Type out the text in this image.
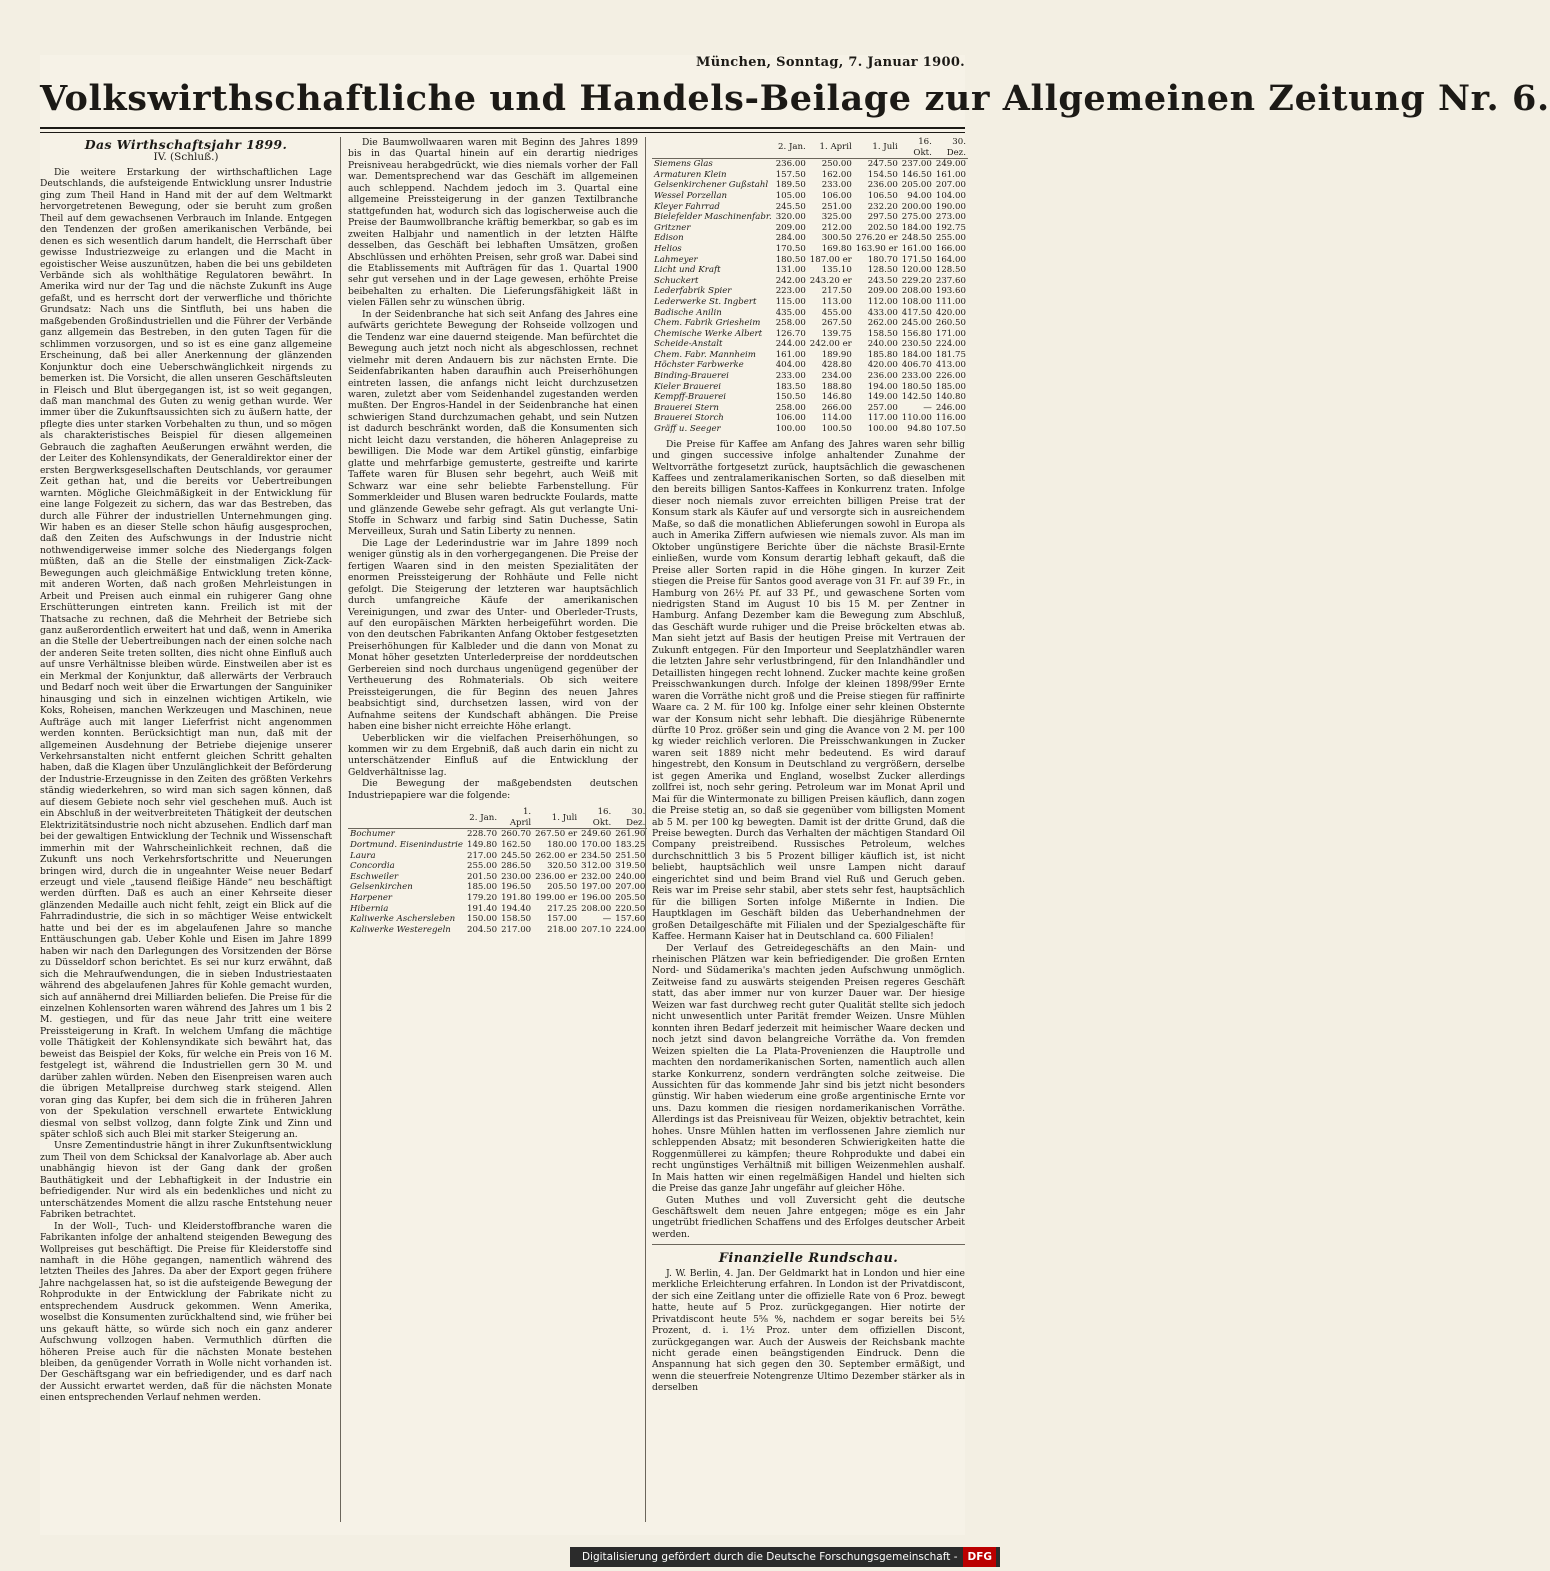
München, Sonntag, 7. Januar 1900.
Volkswirthschaftliche und Handels-Beilage zur Allgemeinen Zeitung Nr. 6.
Das Wirthschaftsjahr 1899.
IV. (Schluß.)

Die weitere Erstarkung der wirthschaftlichen Lage Deutschlands, die aufsteigende Entwicklung unsrer Industrie ging zum Theil Hand in Hand mit der auf dem Weltmarkt hervorgetretenen Bewegung, oder sie beruht zum großen Theil auf dem gewachsenen Verbrauch im Inlande. Entgegen den Tendenzen der großen amerikanischen Verbände, bei denen es sich wesentlich darum handelt, die Herrschaft über gewisse Industriezweige zu erlangen und die Macht in egoistischer Weise auszunützen, haben die bei uns gebildeten Verbände sich als wohlthätige Regulatoren bewährt. In Amerika wird nur der Tag und die nächste Zukunft ins Auge gefaßt, und es herrscht dort der verwerfliche und thörichte Grundsatz: Nach uns die Sintfluth, bei uns haben die maßgebenden Großindustriellen und die Führer der Verbände ganz allgemein das Bestreben, in den guten Tagen für die schlimmen vorzusorgen, und so ist es eine ganz allgemeine Erscheinung, daß bei aller Anerkennung der glänzenden Konjunktur doch eine Ueberschwänglichkeit nirgends zu bemerken ist. Die Vorsicht, die allen unseren Geschäftsleuten in Fleisch und Blut übergegangen ist, ist so weit gegangen, daß man manchmal des Guten zu wenig gethan wurde. Wer immer über die Zukunftsaussichten sich zu äußern hatte, der pflegte dies unter starken Vorbehalten zu thun, und so mögen als charakteristisches Beispiel für diesen allgemeinen Gebrauch die zaghaften Aeußerungen erwähnt werden, die der Leiter des Kohlensyndikats, der Generaldirektor einer der ersten Bergwerksgesellschaften Deutschlands, vor geraumer Zeit gethan hat, und die bereits vor Uebertreibungen warnten. Mögliche Gleichmäßigkeit in der Entwicklung für eine lange Folgezeit zu sichern, das war das Bestreben, das durch alle Führer der industriellen Unternehmungen ging. Wir haben es an dieser Stelle schon häufig ausgesprochen, daß den Zeiten des Aufschwungs in der Industrie nicht nothwendigerweise immer solche des Niedergangs folgen müßten, daß an die Stelle der einstmaligen Zick-Zack-Bewegungen auch gleichmäßige Entwicklung treten könne, mit anderen Worten, daß nach großen Mehrleistungen in Arbeit und Preisen auch einmal ein ruhigerer Gang ohne Erschütterungen eintreten kann. Freilich ist mit der Thatsache zu rechnen, daß die Mehrheit der Betriebe sich ganz außerordentlich erweitert hat und daß, wenn in Amerika an die Stelle der Uebertreibungen nach der einen solche nach der anderen Seite treten sollten, dies nicht ohne Einfluß auch auf unsre Verhältnisse bleiben würde. Einstweilen aber ist es ein Merkmal der Konjunktur, daß allerwärts der Verbrauch und Bedarf noch weit über die Erwartungen der Sanguiniker hinausging und sich in einzelnen wichtigen Artikeln, wie Koks, Roheisen, manchen Werkzeugen und Maschinen, neue Aufträge auch mit langer Lieferfrist nicht angenommen werden konnten. Berücksichtigt man nun, daß mit der allgemeinen Ausdehnung der Betriebe diejenige unserer Verkehrsanstalten nicht entfernt gleichen Schritt gehalten haben, daß die Klagen über Unzulänglichkeit der Beförderung der Industrie-Erzeugnisse in den Zeiten des größten Verkehrs ständig wiederkehren, so wird man sich sagen können, daß auf diesem Gebiete noch sehr viel geschehen muß. Auch ist ein Abschluß in der weitverbreiteten Thätigkeit der deutschen Elektrizitätsindustrie noch nicht abzusehen. Endlich darf man bei der gewaltigen Entwicklung der Technik und Wissenschaft immerhin mit der Wahrscheinlichkeit rechnen, daß die Zukunft uns noch Verkehrsfortschritte und Neuerungen bringen wird, durch die in ungeahnter Weise neuer Bedarf erzeugt und viele „tausend fleißige Hände“ neu beschäftigt werden dürften. Daß es auch an einer Kehrseite dieser glänzenden Medaille auch nicht fehlt, zeigt ein Blick auf die Fahrradindustrie, die sich in so mächtiger Weise entwickelt hatte und bei der es im abgelaufenen Jahre so manche Enttäuschungen gab. Ueber Kohle und Eisen im Jahre 1899 haben wir nach den Darlegungen des Vorsitzenden der Börse zu Düsseldorf schon berichtet. Es sei nur kurz erwähnt, daß sich die Mehraufwendungen, die in sieben Industriestaaten während des abgelaufenen Jahres für Kohle gemacht wurden, sich auf annähernd drei Milliarden beliefen. Die Preise für die einzelnen Kohlensorten waren während des Jahres um 1 bis 2 M. gestiegen, und für das neue Jahr tritt eine weitere Preissteigerung in Kraft. In welchem Umfang die mächtige volle Thätigkeit der Kohlensyndikate sich bewährt hat, das beweist das Beispiel der Koks, für welche ein Preis von 16 M. festgelegt ist, während die Industriellen gern 30 M. und darüber zahlen würden. Neben den Eisenpreisen waren auch die übrigen Metallpreise durchweg stark steigend. Allen voran ging das Kupfer, bei dem sich die in früheren Jahren von der Spekulation verschnell erwartete Entwicklung diesmal von selbst vollzog, dann folgte Zink und Zinn und später schloß sich auch Blei mit starker Steigerung an.

Unsre Zementindustrie hängt in ihrer Zukunftsentwicklung zum Theil von dem Schicksal der Kanalvorlage ab. Aber auch unabhängig hievon ist der Gang dank der großen Bauthätigkeit und der Lebhaftigkeit in der Industrie ein befriedigender. Nur wird als ein bedenkliches und nicht zu unterschätzendes Moment die allzu rasche Entstehung neuer Fabriken betrachtet.

In der Woll-, Tuch- und Kleiderstoffbranche waren die Fabrikanten infolge der anhaltend steigenden Bewegung des Wollpreises gut beschäftigt. Die Preise für Kleiderstoffe sind namhaft in die Höhe gegangen, namentlich während des letzten Theiles des Jahres. Da aber der Export gegen frühere Jahre nachgelassen hat, so ist die aufsteigende Bewegung der Rohprodukte in der Entwicklung der Fabrikate nicht zu entsprechendem Ausdruck gekommen. Wenn Amerika, woselbst die Konsumenten zurückhaltend sind, wie früher bei uns gekauft hätte, so würde sich noch ein ganz anderer Aufschwung vollzogen haben. Vermuthlich dürften die höheren Preise auch für die nächsten Monate bestehen bleiben, da genügender Vorrath in Wolle nicht vorhanden ist. Der Geschäftsgang war ein befriedigender, und es darf nach der Aussicht erwartet werden, daß für die nächsten Monate einen entsprechenden Verlauf nehmen werden.

Die Baumwollwaaren waren mit Beginn des Jahres 1899 bis in das Quartal hinein auf ein derartig niedriges Preisniveau herabgedrückt, wie dies niemals vorher der Fall war. Dementsprechend war das Geschäft im allgemeinen auch schleppend. Nachdem jedoch im 3. Quartal eine allgemeine Preissteigerung in der ganzen Textilbranche stattgefunden hat, wodurch sich das logischerweise auch die Preise der Baumwollbranche kräftig bemerkbar, so gab es im zweiten Halbjahr und namentlich in der letzten Hälfte desselben, das Geschäft bei lebhaften Umsätzen, großen Abschlüssen und erhöhten Preisen, sehr groß war. Dabei sind die Etablissements mit Aufträgen für das 1. Quartal 1900 sehr gut versehen und in der Lage gewesen, erhöhte Preise beibehalten zu erhalten. Die Lieferungsfähigkeit läßt in vielen Fällen sehr zu wünschen übrig.

In der Seidenbranche hat sich seit Anfang des Jahres eine aufwärts gerichtete Bewegung der Rohseide vollzogen und die Tendenz war eine dauernd steigende. Man befürchtet die Bewegung auch jetzt noch nicht als abgeschlossen, rechnet vielmehr mit deren Andauern bis zur nächsten Ernte. Die Seidenfabrikanten haben daraufhin auch Preiserhöhungen eintreten lassen, die anfangs nicht leicht durchzusetzen waren, zuletzt aber vom Seidenhandel zugestanden werden mußten. Der Engros-Handel in der Seidenbranche hat einen schwierigen Stand durchzumachen gehabt, und sein Nutzen ist dadurch beschränkt worden, daß die Konsumenten sich nicht leicht dazu verstanden, die höheren Anlagepreise zu bewilligen. Die Mode war dem Artikel günstig, einfarbige glatte und mehrfarbige gemusterte, gestreifte und karirte Taffete waren für Blusen sehr begehrt, auch Weiß mit Schwarz war eine sehr beliebte Farbenstellung. Für Sommerkleider und Blusen waren bedruckte Foulards, matte und glänzende Gewebe sehr gefragt. Als gut verlangte Uni-Stoffe in Schwarz und farbig sind Satin Duchesse, Satin Merveilleux, Surah und Satin Liberty zu nennen.

Die Lage der Lederindustrie war im Jahre 1899 noch weniger günstig als in den vorhergegangenen. Die Preise der fertigen Waaren sind in den meisten Spezialitäten der enormen Preissteigerung der Rohhäute und Felle nicht gefolgt. Die Steigerung der letzteren war hauptsächlich durch umfangreiche Käufe der amerikanischen Vereinigungen, und zwar des Unter- und Oberleder-Trusts, auf den europäischen Märkten herbeigeführt worden. Die von den deutschen Fabrikanten Anfang Oktober festgesetzten Preiserhöhungen für Kalbleder und die dann von Monat zu Monat höher gesetzten Unterlederpreise der norddeutschen Gerbereien sind noch durchaus ungenügend gegenüber der Vertheuerung des Rohmaterials. Ob sich weitere Preissteigerungen, die für Beginn des neuen Jahres beabsichtigt sind, durchsetzen lassen, wird von der Aufnahme seitens der Kundschaft abhängen. Die Preise haben eine bisher nicht erreichte Höhe erlangt.

Ueberblicken wir die vielfachen Preiserhöhungen, so kommen wir zu dem Ergebniß, daß auch darin ein nicht zu unterschätzender Einfluß auf die Entwicklung der Geldverhältnisse lag.

Die Bewegung der maßgebendsten deutschen Industriepapiere war die folgende:

	2. Jan.	1. April	1. Juli	16. Okt.	30. Dez.
Bochumer	228.70	260.70	267.50 er	249.60	261.90
Dortmund. Eisenindustrie	149.80	162.50	180.00	170.00	183.25
Laura	217.00	245.50	262.00 er	234.50	251.50
Concordia	255.00	286.50	320.50	312.00	319.50
Eschweiler	201.50	230.00	236.00 er	232.00	240.00
Gelsenkirchen	185.00	196.50	205.50	197.00	207.00
Harpener	179.20	191.80	199.00 er	196.00	205.50
Hibernia	191.40	194.40	217.25	208.00	220.50
Kaliwerke Aschersleben	150.00	158.50	157.00	—	157.60
Kaliwerke Westeregeln	204.50	217.00	218.00	207.10	224.00
	2. Jan.	1. April	1. Juli	16. Okt.	30. Dez.
Siemens Glas	236.00	250.00	247.50	237.00	249.00
Armaturen Klein	157.50	162.00	154.50	146.50	161.00
Gelsenkirchener Gußstahl	189.50	233.00	236.00	205.00	207.00
Wessel Porzellan	105.00	106.00	106.50	94.00	104.00
Kleyer Fahrrad	245.50	251.00	232.20	200.00	190.00
Bielefelder Maschinenfabr.	320.00	325.00	297.50	275.00	273.00
Gritzner	209.00	212.00	202.50	184.00	192.75
Edison	284.00	300.50	276.20 er	248.50	255.00
Helios	170.50	169.80	163.90 er	161.00	166.00
Lahmeyer	180.50	187.00 er	180.70	171.50	164.00
Licht und Kraft	131.00	135.10	128.50	120.00	128.50
Schuckert	242.00	243.20 er	243.50	229.20	237.60
Lederfabrik Spier	223.00	217.50	209.00	208.00	193.60
Lederwerke St. Ingbert	115.00	113.00	112.00	108.00	111.00
Badische Anilin	435.00	455.00	433.00	417.50	420.00
Chem. Fabrik Griesheim	258.00	267.50	262.00	245.00	260.50
Chemische Werke Albert	126.70	139.75	158.50	156.80	171.00
Scheide-Anstalt	244.00	242.00 er	240.00	230.50	224.00
Chem. Fabr. Mannheim	161.00	189.90	185.80	184.00	181.75
Höchster Farbwerke	404.00	428.80	420.00	406.70	413.00
Binding-Brauerei	233.00	234.00	236.00	233.00	226.00
Kieler Brauerei	183.50	188.80	194.00	180.50	185.00
Kempff-Brauerei	150.50	146.80	149.00	142.50	140.80
Brauerei Stern	258.00	266.00	257.00	—	246.00
Brauerei Storch	106.00	114.00	117.00	110.00	116.00
Gräff u. Seeger	100.00	100.50	100.00	94.80	107.50

Die Preise für Kaffee am Anfang des Jahres waren sehr billig und gingen successive infolge anhaltender Zunahme der Weltvorräthe fortgesetzt zurück, hauptsächlich die gewaschenen Kaffees und zentralamerikanischen Sorten, so daß dieselben mit den bereits billigen Santos-Kaffees in Konkurrenz traten. Infolge dieser noch niemals zuvor erreichten billigen Preise trat der Konsum stark als Käufer auf und versorgte sich in ausreichendem Maße, so daß die monatlichen Ablieferungen sowohl in Europa als auch in Amerika Ziffern aufwiesen wie niemals zuvor. Als man im Oktober ungünstigere Berichte über die nächste Brasil-Ernte einließen, wurde vom Konsum derartig lebhaft gekauft, daß die Preise aller Sorten rapid in die Höhe gingen. In kurzer Zeit stiegen die Preise für Santos good average von 31 Fr. auf 39 Fr., in Hamburg von 26½ Pf. auf 33 Pf., und gewaschene Sorten vom niedrigsten Stand im August 10 bis 15 M. per Zentner in Hamburg. Anfang Dezember kam die Bewegung zum Abschluß, das Geschäft wurde ruhiger und die Preise bröckelten etwas ab. Man sieht jetzt auf Basis der heutigen Preise mit Vertrauen der Zukunft entgegen. Für den Importeur und Seeplatzhändler waren die letzten Jahre sehr verlustbringend, für den Inlandhändler und Detaillisten hingegen recht lohnend. Zucker machte keine großen Preisschwankungen durch. Infolge der kleinen 1898/99er Ernte waren die Vorräthe nicht groß und die Preise stiegen für raffinirte Waare ca. 2 M. für 100 kg. Infolge einer sehr kleinen Obsternte war der Konsum nicht sehr lebhaft. Die diesjährige Rübenernte dürfte 10 Proz. größer sein und ging die Avance von 2 M. per 100 kg wieder reichlich verloren. Die Preisschwankungen in Zucker waren seit 1889 nicht mehr bedeutend. Es wird darauf hingestrebt, den Konsum in Deutschland zu vergrößern, derselbe ist gegen Amerika und England, woselbst Zucker allerdings zollfrei ist, noch sehr gering. Petroleum war im Monat April und Mai für die Wintermonate zu billigen Preisen käuflich, dann zogen die Preise stetig an, so daß sie gegenüber vom billigsten Moment ab 5 M. per 100 kg bewegten. Damit ist der dritte Grund, daß die Preise bewegten. Durch das Verhalten der mächtigen Standard Oil Company preistreibend. Russisches Petroleum, welches durchschnittlich 3 bis 5 Prozent billiger käuflich ist, ist nicht beliebt, hauptsächlich weil unsre Lampen nicht darauf eingerichtet sind und beim Brand viel Ruß und Geruch geben. Reis war im Preise sehr stabil, aber stets sehr fest, hauptsächlich für die billigen Sorten infolge Mißernte in Indien. Die Hauptklagen im Geschäft bilden das Ueberhandnehmen der großen Detailgeschäfte mit Filialen und der Spezialgeschäfte für Kaffee. Hermann Kaiser hat in Deutschland ca. 600 Filialen!

Der Verlauf des Getreidegeschäfts an den Main- und rheinischen Plätzen war kein befriedigender. Die großen Ernten Nord- und Südamerika's machten jeden Aufschwung unmöglich. Zeitweise fand zu auswärts steigenden Preisen regeres Geschäft statt, das aber immer nur von kurzer Dauer war. Der hiesige Weizen war fast durchweg recht guter Qualität stellte sich jedoch nicht unwesentlich unter Parität fremder Weizen. Unsre Mühlen konnten ihren Bedarf jederzeit mit heimischer Waare decken und noch jetzt sind davon belangreiche Vorräthe da. Von fremden Weizen spielten die La Plata-Provenienzen die Hauptrolle und machten den nordamerikanischen Sorten, namentlich auch allen starke Konkurrenz, sondern verdrängten solche zeitweise. Die Aussichten für das kommende Jahr sind bis jetzt nicht besonders günstig. Wir haben wiederum eine große argentinische Ernte vor uns. Dazu kommen die riesigen nordamerikanischen Vorräthe. Allerdings ist das Preisniveau für Weizen, objektiv betrachtet, kein hohes. Unsre Mühlen hatten im verflossenen Jahre ziemlich nur schleppenden Absatz; mit besonderen Schwierigkeiten hatte die Roggenmüllerei zu kämpfen; theure Rohprodukte und dabei ein recht ungünstiges Verhältniß mit billigen Weizenmehlen aushalf. In Mais hatten wir einen regelmäßigen Handel und hielten sich die Preise das ganze Jahr ungefähr auf gleicher Höhe.

Guten Muthes und voll Zuversicht geht die deutsche Geschäftswelt dem neuen Jahre entgegen; möge es ein Jahr ungetrübt friedlichen Schaffens und des Erfolges deutscher Arbeit werden.

Finanzielle Rundschau.

J. W. Berlin, 4. Jan. Der Geldmarkt hat in London und hier eine merkliche Erleichterung erfahren. In London ist der Privatdiscont, der sich eine Zeitlang unter die offizielle Rate von 6 Proz. bewegt hatte, heute auf 5 Proz. zurückgegangen. Hier notirte der Privatdiscont heute 5⅝ %, nachdem er sogar bereits bei 5½ Prozent, d. i. 1½ Proz. unter dem offiziellen Discont, zurückgegangen war. Auch der Ausweis der Reichsbank machte nicht gerade einen beängstigenden Eindruck. Denn die Anspannung hat sich gegen den 30. September ermäßigt, und wenn die steuerfreie Notengrenze Ultimo Dezember stärker als in derselben

Digitalisierung gefördert durch die Deutsche Forschungsgemeinschaft - DFG
